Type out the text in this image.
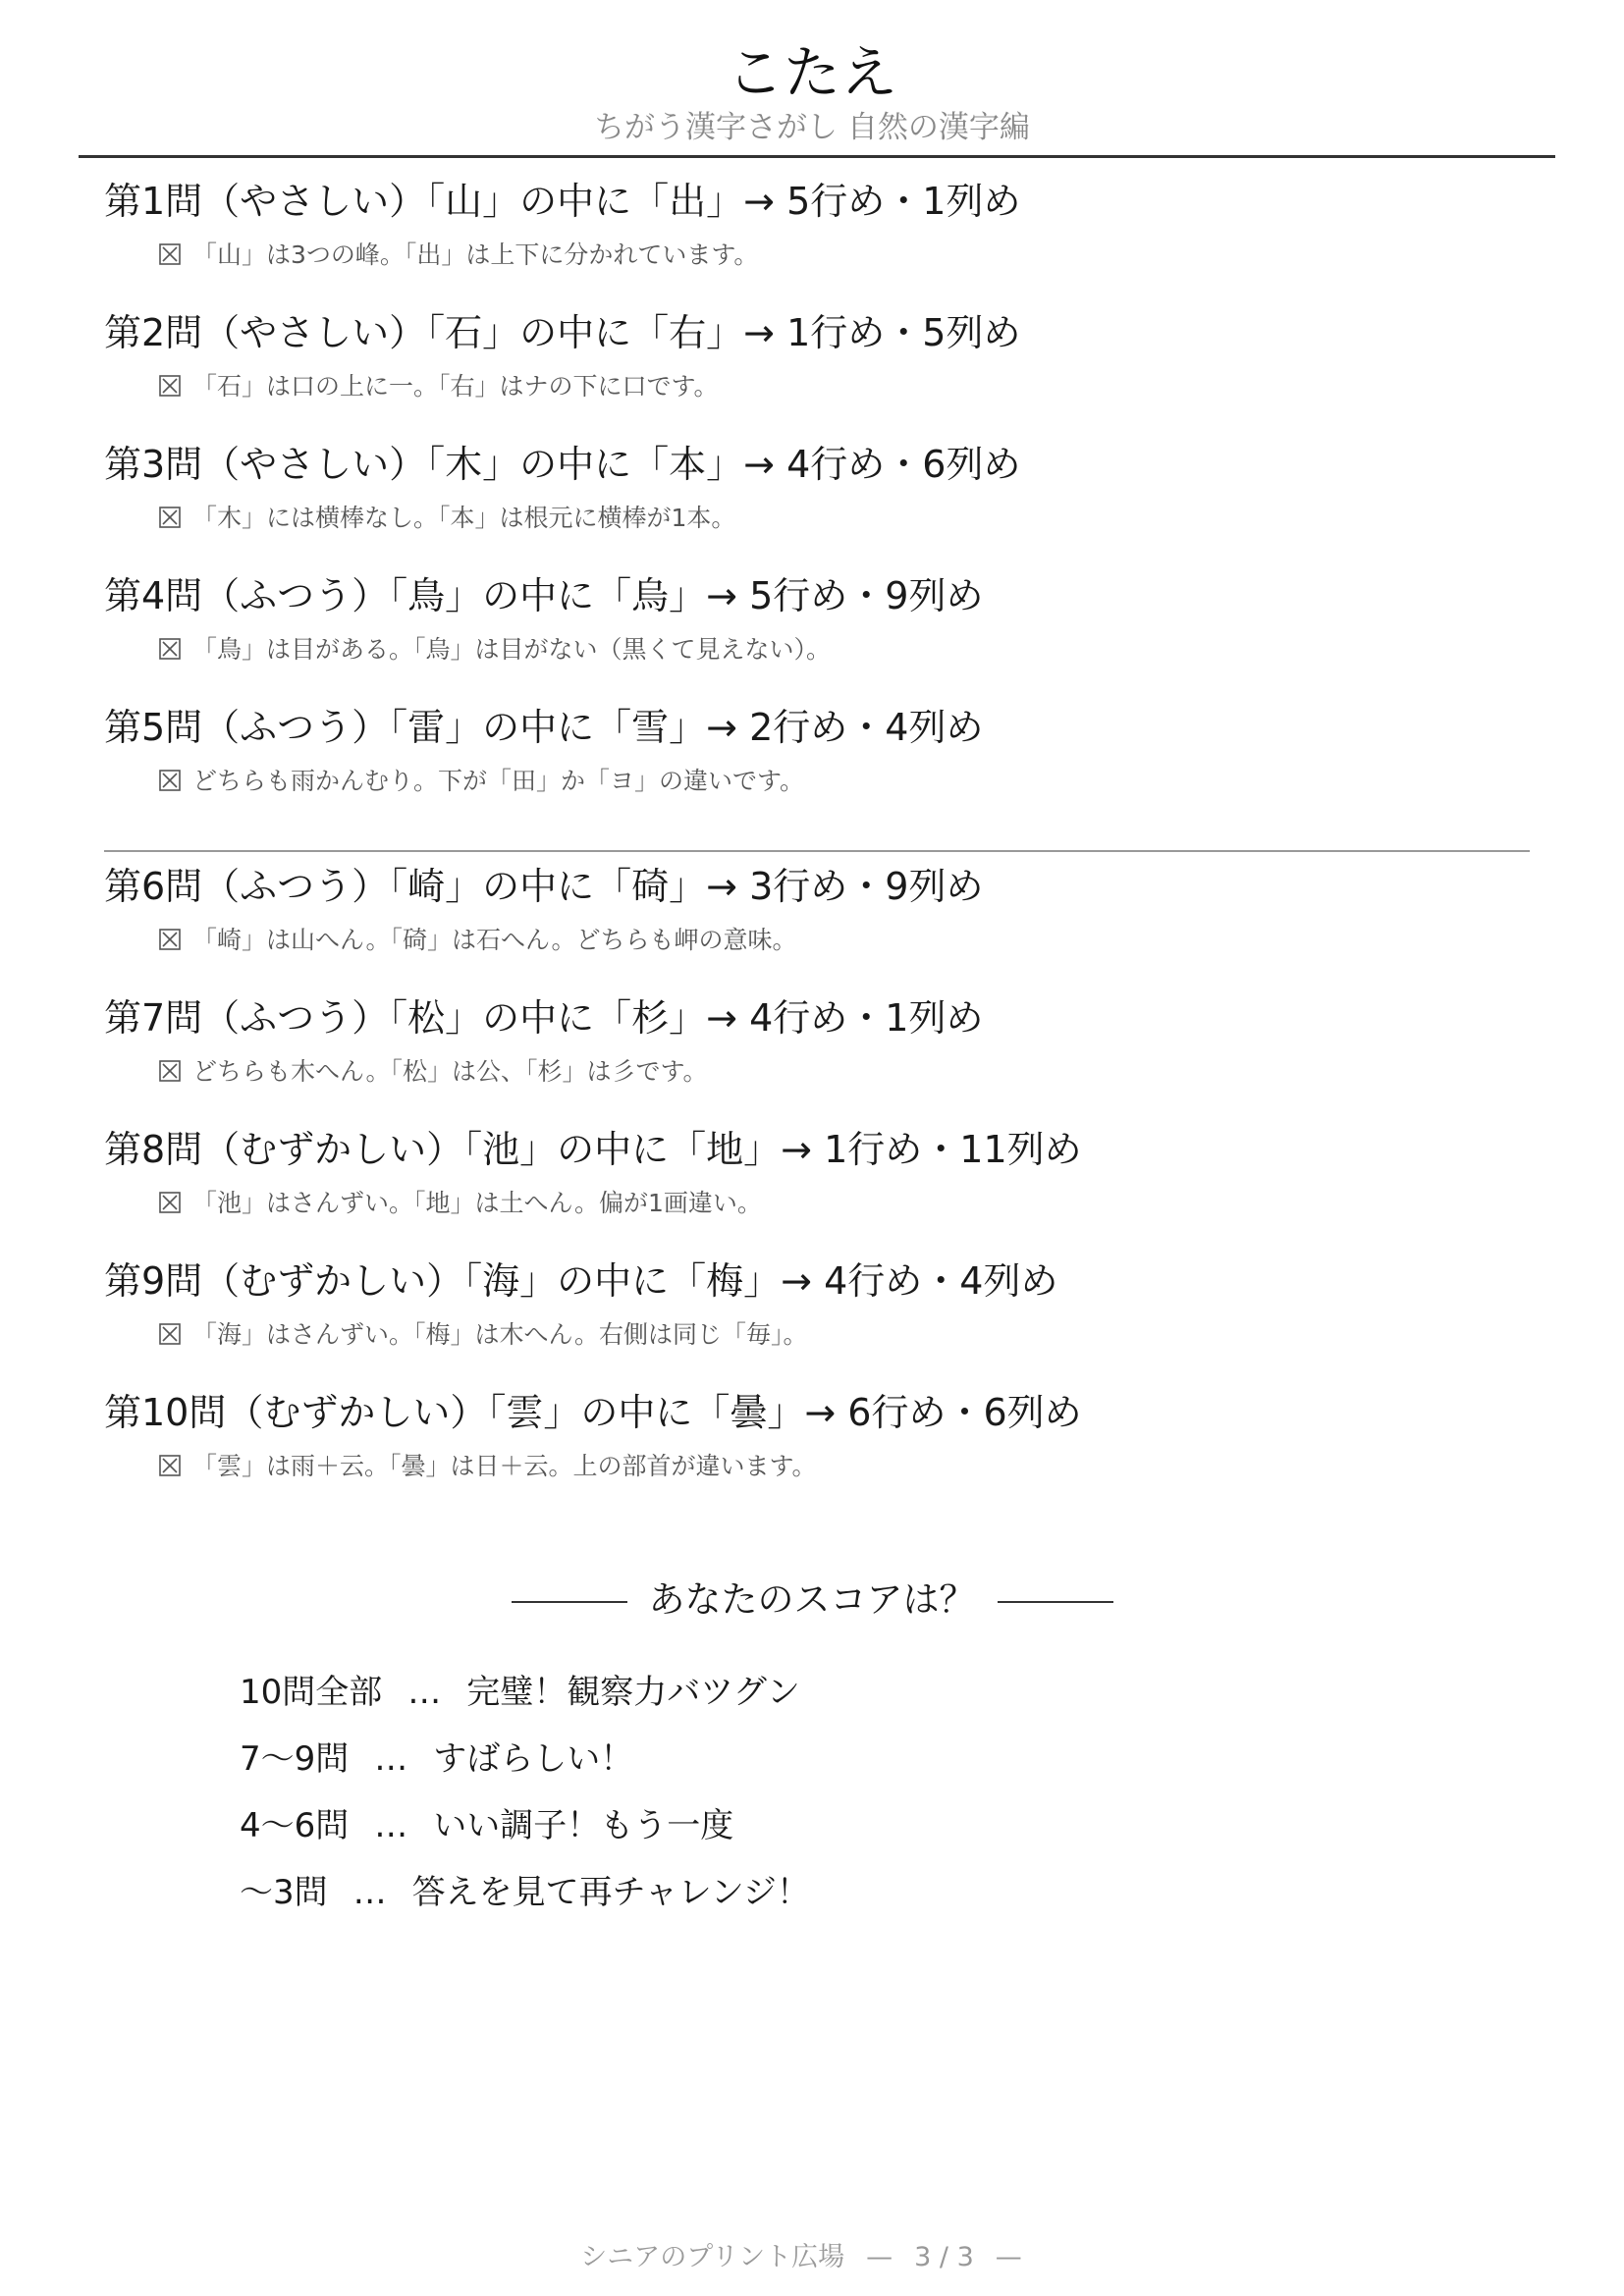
こたえ
ちがう漢字さがし 自然の漢字編
第1問（やさしい）「山」の中に「出」→ 5行め・1列め
「山」は3つの峰。「出」は上下に分かれています。
第2問（やさしい）「石」の中に「右」→ 1行め・5列め
「石」は口の上に一。「右」はナの下に口です。
第3問（やさしい）「木」の中に「本」→ 4行め・6列め
「木」には横棒なし。「本」は根元に横棒が1本。
第4問（ふつう）「鳥」の中に「烏」→ 5行め・9列め
「鳥」は目がある。「烏」は目がない（黒くて見えない）。
第5問（ふつう）「雷」の中に「雪」→ 2行め・4列め
どちらも雨かんむり。下が「田」か「ヨ」の違いです。
第6問（ふつう）「崎」の中に「碕」→ 3行め・9列め
「崎」は山へん。「碕」は石へん。どちらも岬の意味。
第7問（ふつう）「松」の中に「杉」→ 4行め・1列め
どちらも木へん。「松」は公、「杉」は彡です。
第8問（むずかしい）「池」の中に「地」→ 1行め・11列め
「池」はさんずい。「地」は土へん。偏が1画違い。
第9問（むずかしい）「海」の中に「梅」→ 4行め・4列め
「海」はさんずい。「梅」は木へん。右側は同じ「毎」。
第10問（むずかしい）「雲」の中に「曇」→ 6行め・6列め
「雲」は雨＋云。「曇」は日＋云。上の部首が違います。
あなたのスコアは？
10問全部 … 完璧！観察力バツグン
7〜9問 … すばらしい！
4〜6問 … いい調子！もう一度
〜3問 … 答えを見て再チャレンジ！
シニアのプリント広場 — 3 / 3 —
